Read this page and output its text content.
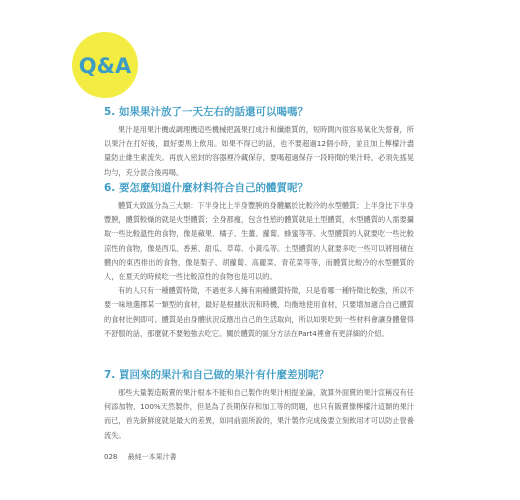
Q&A
5. 如果果汁放了一天左右的話還可以喝嗎？

果汁是用果汁機或調理機這些機械把蔬果打成汁和纖維質的，短時間內很容易氧化失營養，所以果汁在打好後，最好要馬上飲用。如果不得已的話，也不要超過12個小時，並且加上檸檬汁盡量防止維生素流失。再放入密封的容器裡冷藏保存，要喝超過保存一段時間的果汁時，必須先搖晃均勻，充分混合後再喝。

6. 要怎麼知道什麼材料符合自己的體質呢？

體質大致區分為三大類：下半身比上半身豐腴的身體屬於比較冷的水型體質；上半身比下半身豐腴，體質較燥的就是火型體質；全身都瘦，包含性慾的體質就是土型體質，水型體質的人需要攝取一些比較溫性的食物，像是蘋果、橘子、生薑、蘿蔔、蜂蜜等等。火型體質的人就要吃一些比較涼性的食物，像是西瓜、香蕉、甜瓜、草莓、小黃瓜等。土型體質的人就要多吃一些可以將囤積在體內的東西排出的食物，像是梨子、胡蘿蔔、高麗菜、青花菜等等，而體質比較冷的水型體質的人，在夏天的時候吃一些比較涼性的食物也是可以的。

有的人只有一種體質特徵，不過更多人擁有兩種體質特徵，只是看哪一種特徵比較強，所以不要一味地選擇某一類型的食材，最好是根據狀況和時機，均衡地使用食材，只要增加適合自己體質的食材比例即可。體質是由身體狀況反應出自己的生活取向，所以如果吃到一些材料會讓身體覺得不舒服的話，那麼就不要勉強去吃它。關於體質的區分方法在Part4裡會有更詳細的介紹。

7. 買回來的果汁和自己做的果汁有什麼差別呢？

那些大量製造販賣的果汁根本不能和自己製作的果汁相提並論，就算外面賣的果汁宣稱沒有任何添加物、100%天然製作，但是為了長期保存和加工等的問題，也只有販賣像檸檬汁這類的果汁而已，首先新鮮度就是最大的差異，如同前面所說的，果汁製作完成後要立刻飲用才可以防止營養流失。

028 最純一本果汁書
